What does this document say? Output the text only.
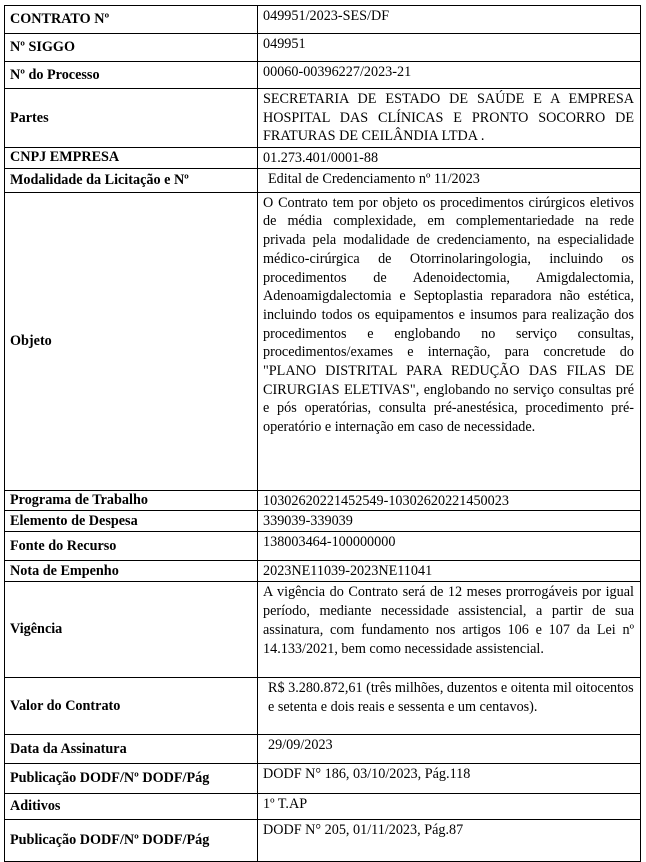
CONTRATO Nº	049951/2023-SES/DF
Nº SIGGO	049951
Nº do Processo	00060-00396227/2023-21
Partes	SECRETARIA DE ESTADO DE SAÚDE E A EMPRESA HOSPITAL DAS CLÍNICAS E PRONTO SOCORRO DE FRATURAS DE CEILÂNDIA LTDA .
CNPJ EMPRESA	01.273.401/0001-88
Modalidade da Licitação e Nº	Edital de Credenciamento nº 11/2023
Objeto	O Contrato tem por objeto os procedimentos cirúrgicos eletivos de média complexidade, em complementariedade na rede privada pela modalidade de credenciamento, na especialidade médico-cirúrgica de Otorrinolaringologia, incluindo os procedimentos de Adenoidectomia, Amigdalectomia, Adenoamigdalectomia e Septoplastia reparadora não estética, incluindo todos os equipamentos e insumos para realização dos procedimentos e englobando no serviço consultas, procedimentos/exames e internação, para concretude do "PLANO DISTRITAL PARA REDUÇÃO DAS FILAS DE CIRURGIAS ELETIVAS", englobando no serviço consultas pré e pós operatórias, consulta pré-anestésica, procedimento pré-operatório e internação em caso de necessidade.
Programa de Trabalho	10302620221452549-10302620221450023
Elemento de Despesa	339039-339039
Fonte do Recurso	138003464-100000000
Nota de Empenho	2023NE11039-2023NE11041
Vigência	A vigência do Contrato será de 12 meses prorrogáveis por igual período, mediante necessidade assistencial, a partir de sua assinatura, com fundamento nos artigos 106 e 107 da Lei nº 14.133/2021, bem como necessidade assistencial.
Valor do Contrato	R$ 3.280.872,61 (três milhões, duzentos e oitenta mil oitocentos e setenta e dois reais e sessenta e um centavos).
Data da Assinatura	29/09/2023
Publicação DODF/Nº DODF/Pág	DODF N° 186, 03/10/2023, Pág.118
Aditivos	1º T.AP
Publicação DODF/Nº DODF/Pág	DODF N° 205, 01/11/2023, Pág.87
